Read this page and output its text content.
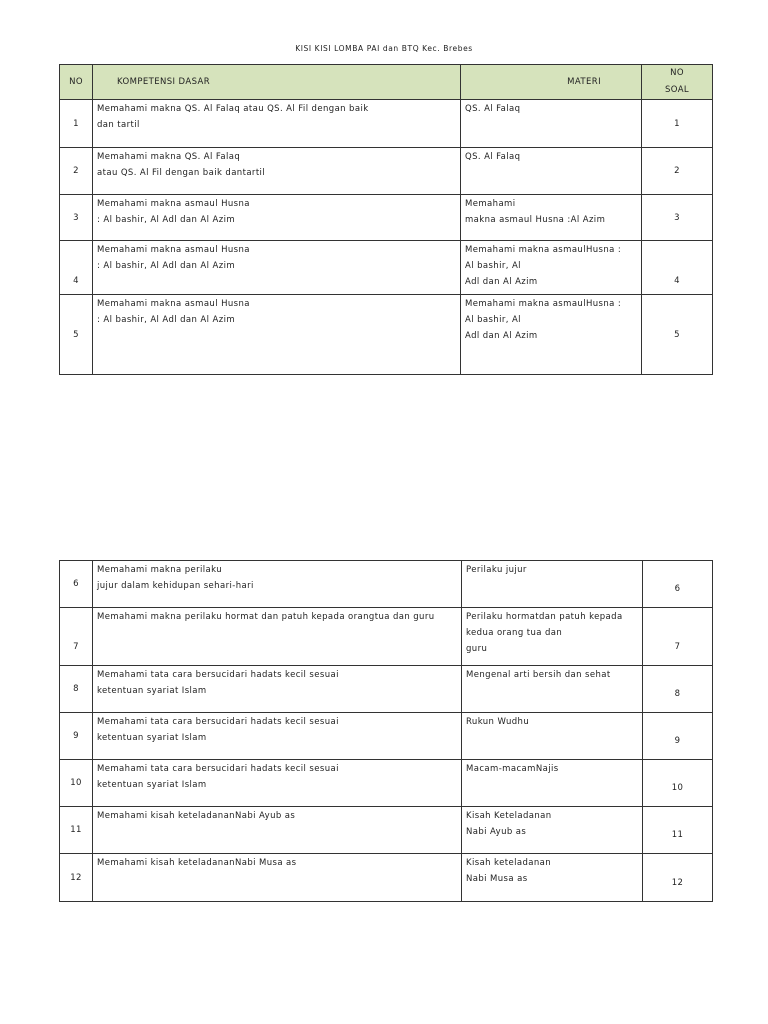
KISI KISI LOMBA PAI dan BTQ Kec. Brebes
NO	KOMPETENSI DASAR	MATERI	NO
SOAL
1	Memahami makna QS. Al Falaq atau QS. Al Fil dengan baik
dan tartil	QS. Al Falaq	1
2	Memahami makna QS. Al Falaq
atau QS. Al Fil dengan baik dantartil	QS. Al Falaq	2
3	Memahami makna asmaul Husna
: Al bashir, Al Adl dan Al Azim	Memahami
makna asmaul Husna :Al Azim	3
4	Memahami makna asmaul Husna
: Al bashir, Al Adl dan Al Azim	Memahami makna asmaulHusna :
Al bashir, Al
Adl dan Al Azim	4
5	Memahami makna asmaul Husna
: Al bashir, Al Adl dan Al Azim	Memahami makna asmaulHusna :
Al bashir, Al
Adl dan Al Azim	5
6	Memahami makna perilaku
jujur dalam kehidupan sehari-hari	Perilaku jujur	6
7	Memahami makna perilaku hormat dan patuh kepada orangtua dan guru	Perilaku hormatdan patuh kepada
kedua orang tua dan
guru	7
8	Memahami tata cara bersucidari hadats kecil sesuai
ketentuan syariat Islam	Mengenal arti bersih dan sehat	8
9	Memahami tata cara bersucidari hadats kecil sesuai
ketentuan syariat Islam	Rukun Wudhu	9
10	Memahami tata cara bersucidari hadats kecil sesuai
ketentuan syariat Islam	Macam-macamNajis	10
11	Memahami kisah keteladananNabi Ayub as	Kisah Keteladanan
Nabi Ayub as	11
12	Memahami kisah keteladananNabi Musa as	Kisah keteladanan
Nabi Musa as	12
